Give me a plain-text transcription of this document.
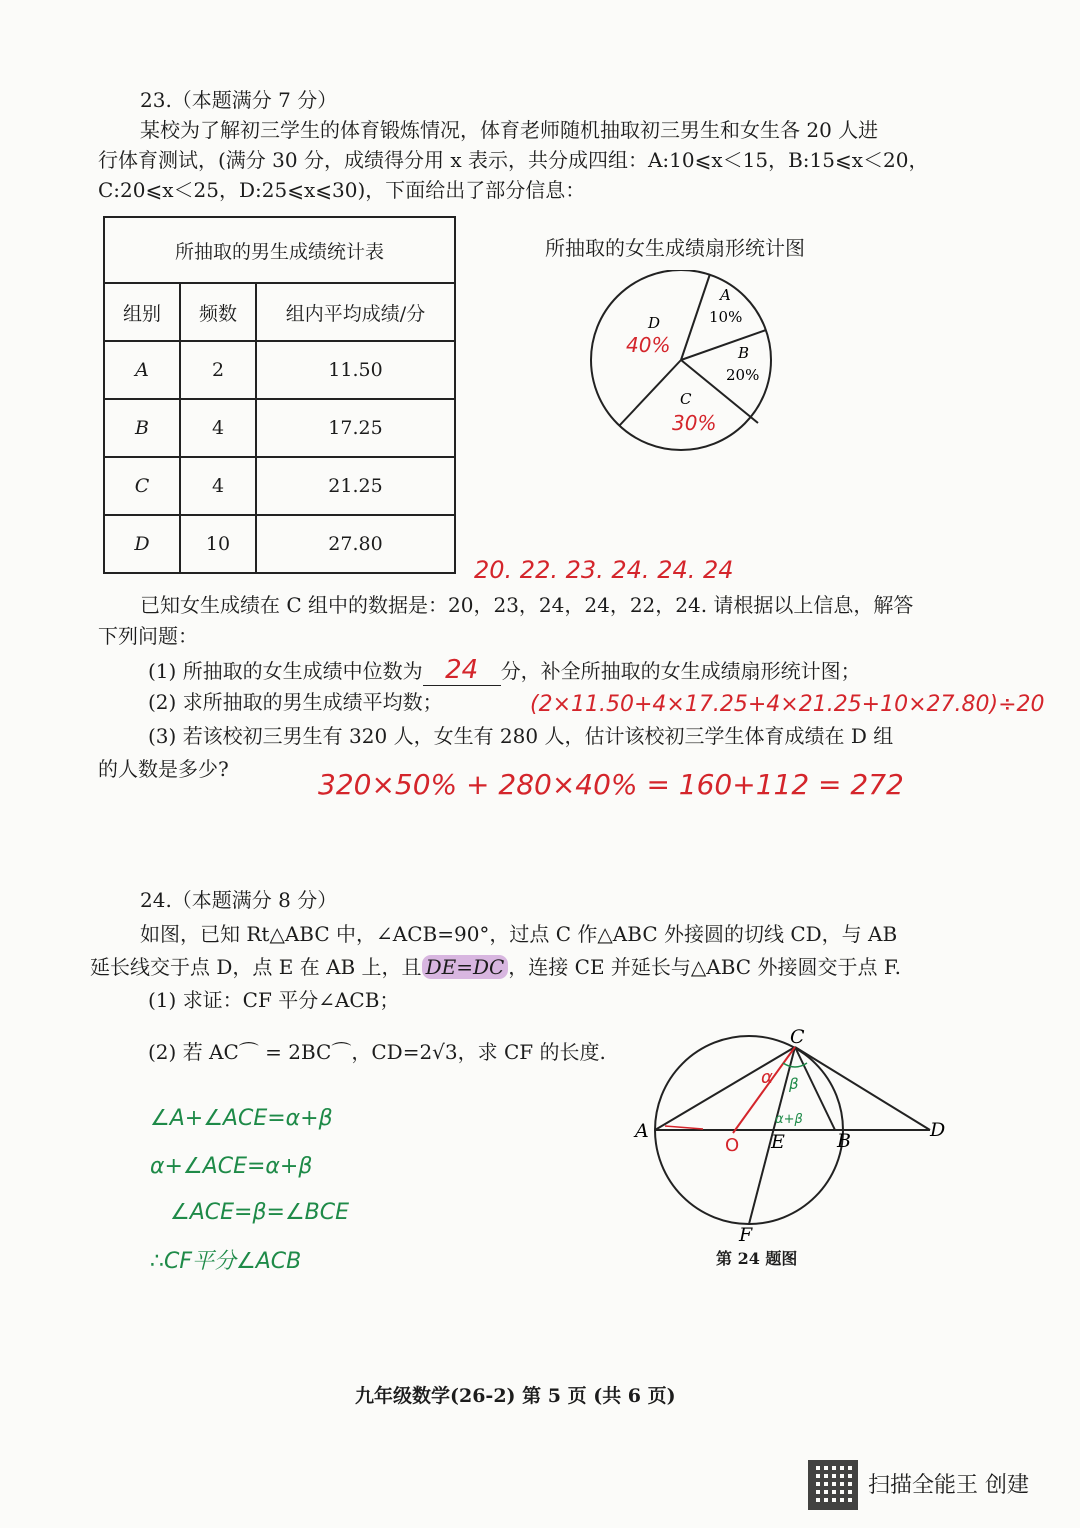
23.（本题满分 7 分）
某校为了解初三学生的体育锻炼情况，体育老师随机抽取初三男生和女生各 20 人进
行体育测试，(满分 30 分，成绩得分用 x 表示，共分成四组：A:10⩽x＜15，B:15⩽x＜20，
C:20⩽x＜25，D:25⩽x⩽30)，下面给出了部分信息：
所抽取的男生成绩统计表		
组别	频数	组内平均成绩/分
A	2	11.50
B	4	17.25
C	4	21.25
D	10	27.80
所抽取的女生成绩扇形统计图
A
10%
B
20%
C
30%
D
40%
20. 22. 23. 24. 24. 24
已知女生成绩在 C 组中的数据是：20，23，24，24，22，24. 请根据以上信息，解答
下列问题：
(1) 所抽取的女生成绩中位数为 24 分，补全所抽取的女生成绩扇形统计图；
(2) 求所抽取的男生成绩平均数；	(2×11.50+4×17.25+4×21.25+10×27.80)÷20
(3) 若该校初三男生有 320 人，女生有 280 人，估计该校初三学生体育成绩在 D 组
的人数是多少?	320×50% + 280×40% = 160+112 = 272
24.（本题满分 8 分）
如图，已知 Rt△ABC 中，∠ACB=90°，过点 C 作△ABC 外接圆的切线 CD，与 AB
延长线交于点 D，点 E 在 AB 上，且 DE=DC ，连接 CE 并延长与△ABC 外接圆交于点 F.
(1) 求证：CF 平分∠ACB；
(2) 若 AC⌒ = 2BC⌒，CD=2√3，求 CF 的长度.
∠A+∠ACE=α+β
α+∠ACE=α+β
∠ACE=β=∠BCE
∴CF平分∠ACB
A	B
C
D
E
F
O
α β
α+β
第 24 题图
九年级数学(26-2) 第 5 页 (共 6 页)
扫描全能王 创建
